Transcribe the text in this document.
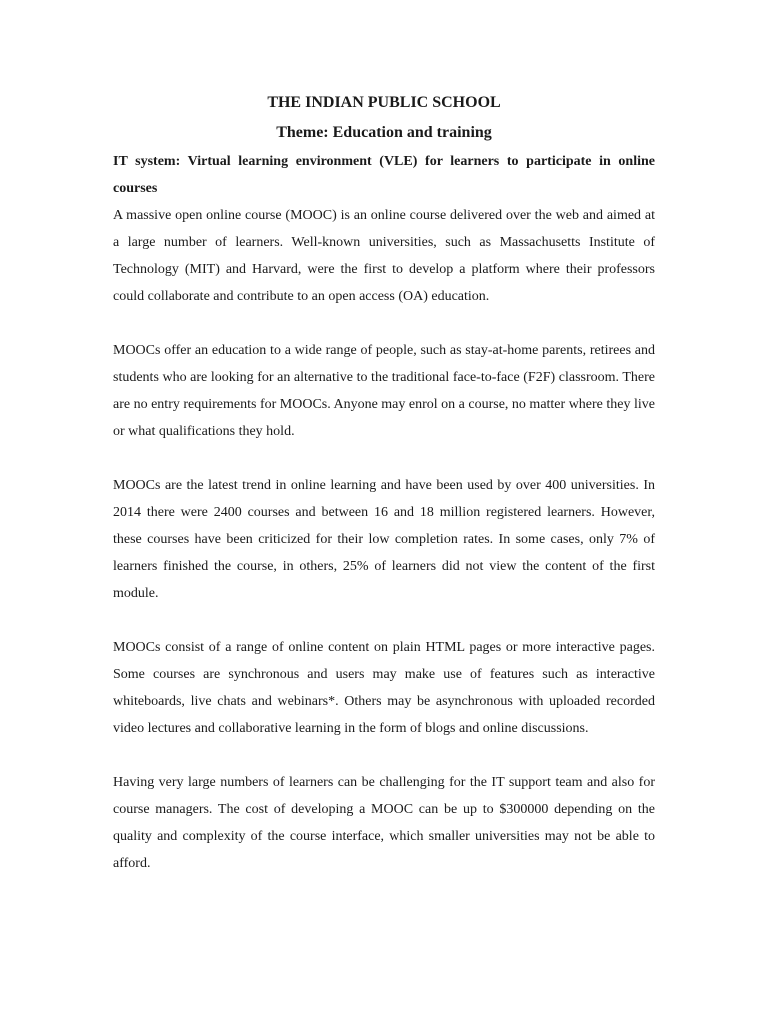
THE INDIAN PUBLIC SCHOOL
Theme: Education and training

IT system: Virtual learning environment (VLE) for learners to participate in online courses

A massive open online course (MOOC) is an online course delivered over the web and aimed at a large number of learners. Well-known universities, such as Massachusetts Institute of Technology (MIT) and Harvard, were the first to develop a platform where their professors could collaborate and contribute to an open access (OA) education.

MOOCs offer an education to a wide range of people, such as stay-at-home parents, retirees and students who are looking for an alternative to the traditional face-to-face (F2F) classroom. There are no entry requirements for MOOCs. Anyone may enrol on a course, no matter where they live or what qualifications they hold.

MOOCs are the latest trend in online learning and have been used by over 400 universities. In 2014 there were 2400 courses and between 16 and 18 million registered learners. However, these courses have been criticized for their low completion rates. In some cases, only 7% of learners finished the course, in others, 25% of learners did not view the content of the first module.

MOOCs consist of a range of online content on plain HTML pages or more interactive pages. Some courses are synchronous and users may make use of features such as interactive whiteboards, live chats and webinars*. Others may be asynchronous with uploaded recorded video lectures and collaborative learning in the form of blogs and online discussions.

Having very large numbers of learners can be challenging for the IT support team and also for course managers. The cost of developing a MOOC can be up to $300000 depending on the quality and complexity of the course interface, which smaller universities may not be able to afford.
